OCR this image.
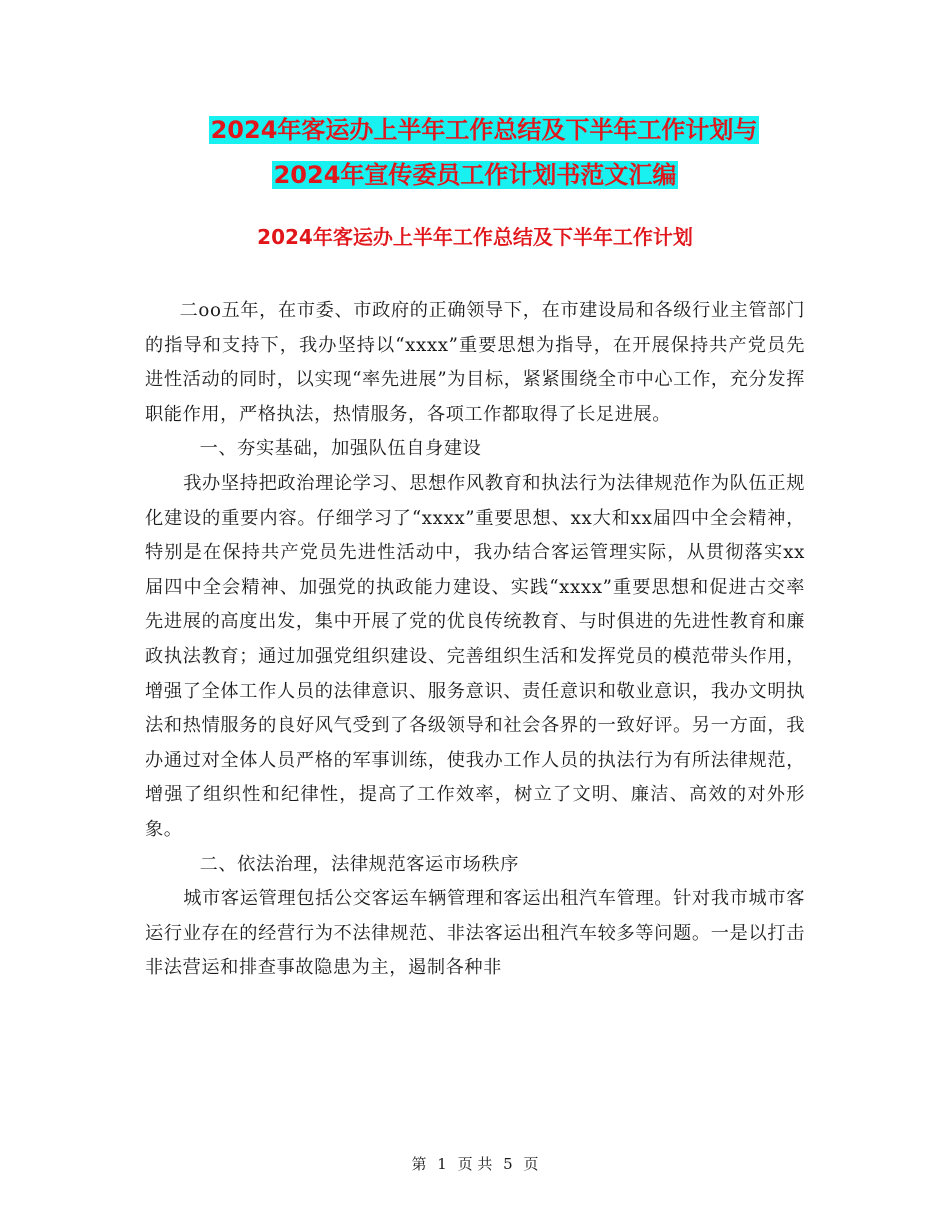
2024年客运办上半年工作总结及下半年工作计划与
2024年宣传委员工作计划书范文汇编
2024年客运办上半年工作总结及下半年工作计划

二oo五年，在市委、市政府的正确领导下，在市建设局和各级行业主管部门的指导和支持下，我办坚持以“xxxx”重要思想为指导，在开展保持共产党员先进性活动的同时，以实现“率先进展”为目标，紧紧围绕全市中心工作，充分发挥职能作用，严格执法，热情服务，各项工作都取得了长足进展。

一、夯实基础，加强队伍自身建设

我办坚持把政治理论学习、思想作风教育和执法行为法律规范作为队伍正规化建设的重要内容。仔细学习了“xxxx”重要思想、xx大和xx届四中全会精神，特别是在保持共产党员先进性活动中，我办结合客运管理实际，从贯彻落实xx届四中全会精神、加强党的执政能力建设、实践“xxxx”重要思想和促进古交率先进展的高度出发，集中开展了党的优良传统教育、与时俱进的先进性教育和廉政执法教育；通过加强党组织建设、完善组织生活和发挥党员的模范带头作用，增强了全体工作人员的法律意识、服务意识、责任意识和敬业意识，我办文明执法和热情服务的良好风气受到了各级领导和社会各界的一致好评。另一方面，我办通过对全体人员严格的军事训练，使我办工作人员的执法行为有所法律规范，增强了组织性和纪律性，提高了工作效率，树立了文明、廉洁、高效的对外形象。

二、依法治理，法律规范客运市场秩序

城市客运管理包括公交客运车辆管理和客运出租汽车管理。针对我市城市客运行业存在的经营行为不法律规范、非法客运出租汽车较多等问题。一是以打击非法营运和排查事故隐患为主，遏制各种非

第 1 页 共 5 页
